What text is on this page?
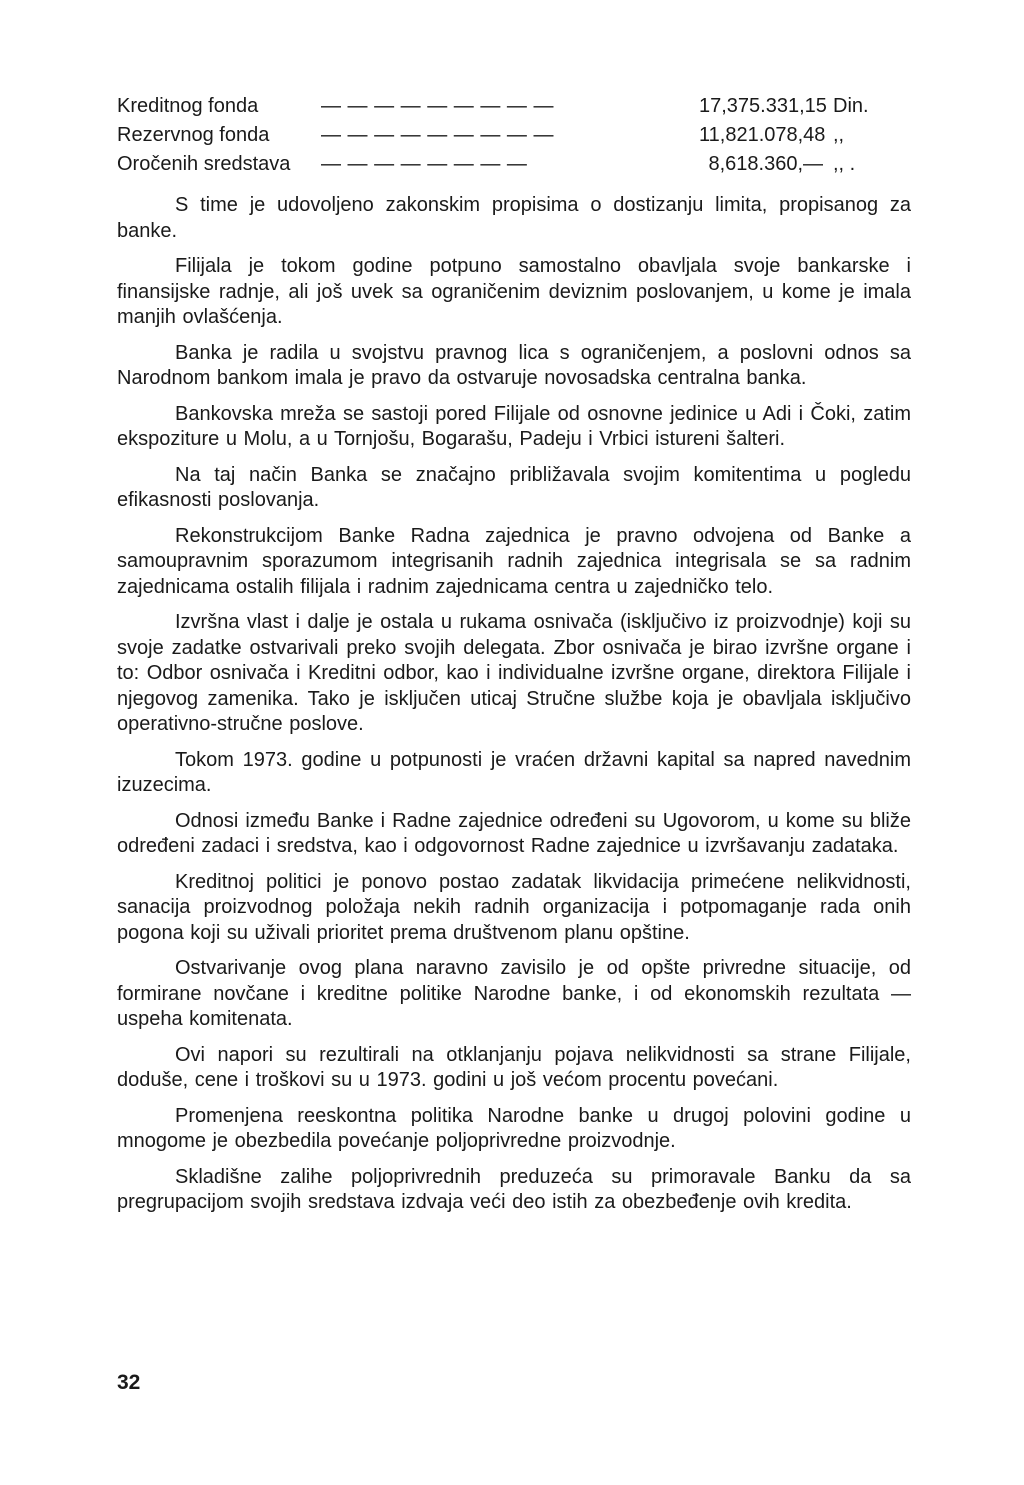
Kreditnog fonda	— — — — — — — — —	17,375.331,15 Din.
Rezervnog fonda	— — — — — — — — —	11,821.078,48 ,,
Oročenih sredstava	— — — — — — — —	8,618.360,— ,, .

S time je udovoljeno zakonskim propisima o dostizanju limita, propisanog za banke.

Filijala je tokom godine potpuno samostalno obavljala svoje bankarske i finansijske radnje, ali još uvek sa ograničenim deviznim poslovanjem, u kome je imala manjih ovlašćenja.

Banka je radila u svojstvu pravnog lica s ograničenjem, a poslovni odnos sa Narodnom bankom imala je pravo da ostvaruje novosadska centralna banka.

Bankovska mreža se sastoji pored Filijale od osnovne jedinice u Adi i Čoki, zatim ekspoziture u Molu, a u Tornjošu, Bogarašu, Padeju i Vrbici istureni šalteri.

Na taj način Banka se značajno približavala svojim komitentima u pogledu efikasnosti poslovanja.

Rekonstrukcijom Banke Radna zajednica je pravno odvojena od Banke a samoupravnim sporazumom integrisanih radnih zajednica integrisala se sa radnim zajednicama ostalih filijala i radnim zajednicama centra u zajedničko telo.

Izvršna vlast i dalje je ostala u rukama osnivača (isključivo iz proizvodnje) koji su svoje zadatke ostvarivali preko svojih delegata. Zbor osnivača je birao izvršne organe i to: Odbor osnivača i Kreditni odbor, kao i individualne izvršne organe, direktora Filijale i njegovog zamenika. Tako je isključen uticaj Stručne službe koja je obavljala isključivo operativno-stručne poslove.

Tokom 1973. godine u potpunosti je vraćen državni kapital sa napred navednim izuzecima.

Odnosi između Banke i Radne zajednice određeni su Ugovorom, u kome su bliže određeni zadaci i sredstva, kao i odgovornost Radne zajednice u izvršavanju zadataka.

Kreditnoj politici je ponovo postao zadatak likvidacija primećene nelikvidnosti, sanacija proizvodnog položaja nekih radnih organizacija i potpomaganje rada onih pogona koji su uživali prioritet prema društvenom planu opštine.

Ostvarivanje ovog plana naravno zavisilo je od opšte privredne situacije, od formirane novčane i kreditne politike Narodne banke, i od ekonomskih rezultata — uspeha komitenata.

Ovi napori su rezultirali na otklanjanju pojava nelikvidnosti sa strane Filijale, doduše, cene i troškovi su u 1973. godini u još većom procentu povećani.

Promenjena reeskontna politika Narodne banke u drugoj polovini godine u mnogome je obezbedila povećanje poljoprivredne proizvodnje.

Skladišne zalihe poljoprivrednih preduzeća su primoravale Banku da sa pregrupacijom svojih sredstava izdvaja veći deo istih za obezbeđenje ovih kredita.

32
